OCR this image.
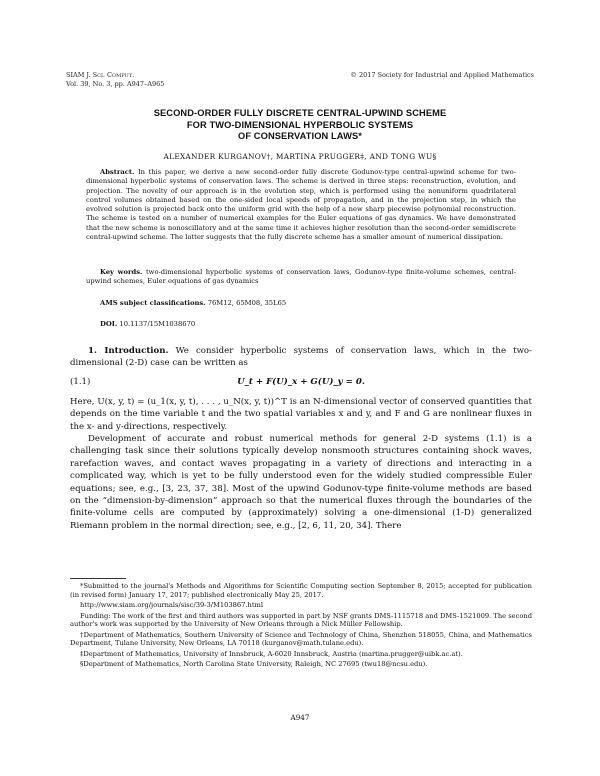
SIAM J. Sci. Comput.
Vol. 39, No. 3, pp. A947–A965
© 2017 Society for Industrial and Applied Mathematics
SECOND-ORDER FULLY DISCRETE CENTRAL-UPWIND SCHEME
FOR TWO-DIMENSIONAL HYPERBOLIC SYSTEMS
OF CONSERVATION LAWS*
ALEXANDER KURGANOV†, MARTINA PRUGGER‡, AND TONG WU§
Abstract. In this paper, we derive a new second-order fully discrete Godunov-type central-upwind scheme for two-dimensional hyperbolic systems of conservation laws. The scheme is derived in three steps: reconstruction, evolution, and projection. The novelty of our approach is in the evolution step, which is performed using the nonuniform quadrilateral control volumes obtained based on the one-sided local speeds of propagation, and in the projection step, in which the evolved solution is projected back onto the uniform grid with the help of a new sharp piecewise polynomial reconstruction. The scheme is tested on a number of numerical examples for the Euler equations of gas dynamics. We have demonstrated that the new scheme is nonoscillatory and at the same time it achieves higher resolution than the second-order semidiscrete central-upwind scheme. The latter suggests that the fully discrete scheme has a smaller amount of numerical dissipation.
Key words. two-dimensional hyperbolic systems of conservation laws, Godunov-type finite-volume schemes, central-upwind schemes, Euler equations of gas dynamics
AMS subject classifications. 76M12, 65M08, 35L65
DOI. 10.1137/15M1038670

1. Introduction. We consider hyperbolic systems of conservation laws, which in the two-dimensional (2-D) case can be written as

(1.1)	U_t + F(U)_x + G(U)_y = 0.

Here, U(x, y, t) = (u_1(x, y, t), . . . , u_N(x, y, t))^T is an N-dimensional vector of conserved quantities that depends on the time variable t and the two spatial variables x and y, and F and G are nonlinear fluxes in the x- and y-directions, respectively.

Development of accurate and robust numerical methods for general 2-D systems (1.1) is a challenging task since their solutions typically develop nonsmooth structures containing shock waves, rarefaction waves, and contact waves propagating in a variety of directions and interacting in a complicated way, which is yet to be fully understood even for the widely studied compressible Euler equations; see, e.g., [3, 23, 37, 38]. Most of the upwind Godunov-type finite-volume methods are based on the “dimension-by-dimension” approach so that the numerical fluxes through the boundaries of the finite-volume cells are computed by (approximately) solving a one-dimensional (1-D) generalized Riemann problem in the normal direction; see, e.g., [2, 6, 11, 20, 34]. There

*Submitted to the journal's Methods and Algorithms for Scientific Computing section September 8, 2015; accepted for publication (in revised form) January 17, 2017; published electronically May 25, 2017.

http://www.siam.org/journals/sisc/39-3/M103867.html

Funding: The work of the first and third authors was supported in part by NSF grants DMS-1115718 and DMS-1521009. The second author's work was supported by the University of New Orleans through a Nick Müller Fellowship.

†Department of Mathematics, Southern University of Science and Technology of China, Shenzhen 518055, China, and Mathematics Department, Tulane University, New Orleans, LA 70118 (kurganov@math.tulane.edu).

‡Department of Mathematics, University of Innsbruck, A-6020 Innsbruck, Austria (martina.prugger@uibk.ac.at).

§Department of Mathematics, North Carolina State University, Raleigh, NC 27695 (twu18@ncsu.edu).

A947
